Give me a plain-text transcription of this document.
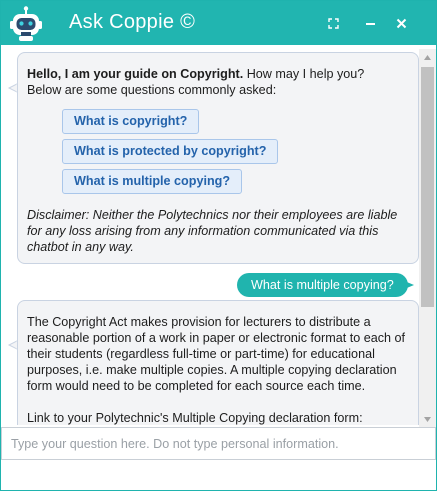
Ask Coppie ©
Hello, I am your guide on Copyright. How may I help you?
Below are some questions commonly asked:
What is copyright?
What is protected by copyright?
What is multiple copying?
Disclaimer: Neither the Polytechnics nor their employees are liable for any loss arising from any information communicated via this chatbot in any way.
What is multiple copying?

The Copyright Act makes provision for lecturers to distribute a reasonable portion of a work in paper or electronic format to each of their students (regardless full-time or part-time) for educational purposes, i.e. make multiple copies. A multiple copying declaration form would need to be completed for each source each time.

Link to your Polytechnic's Multiple Copying declaration form:

Type your question here. Do not type personal information.
